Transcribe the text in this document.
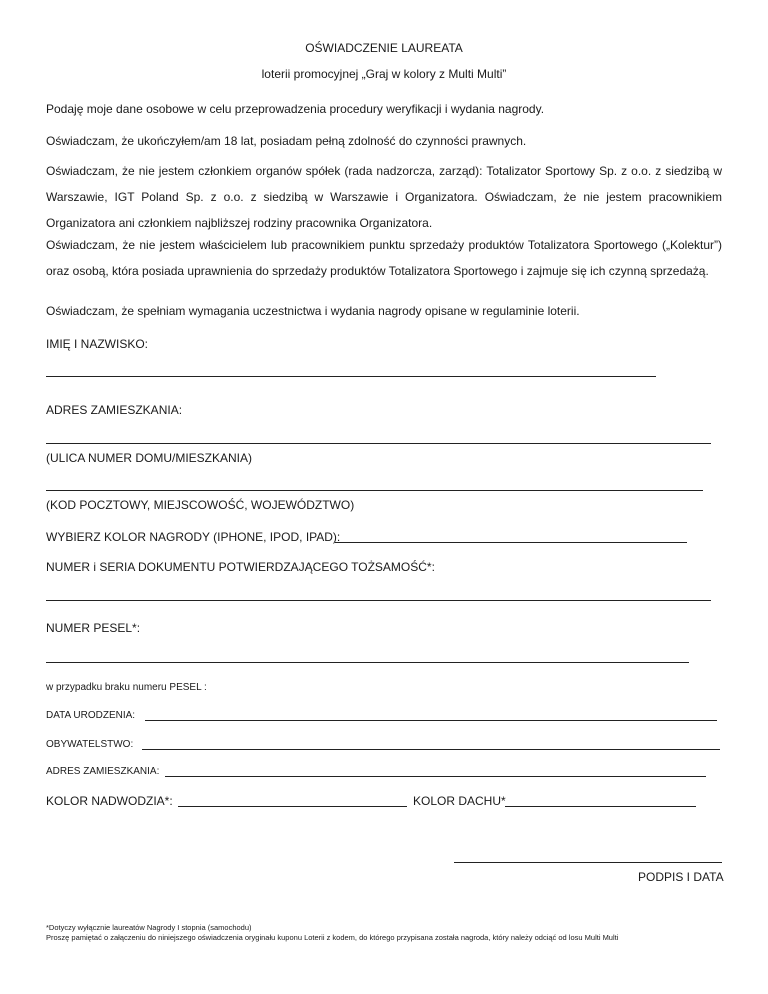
OŚWIADCZENIE LAUREATA
loterii promocyjnej „Graj w kolory z Multi Multi”

Podaję moje dane osobowe w celu przeprowadzenia procedury weryfikacji i wydania nagrody.

Oświadczam, że ukończyłem/am 18 lat, posiadam pełną zdolność do czynności prawnych.

Oświadczam, że nie jestem członkiem organów spółek (rada nadzorcza, zarząd): Totalizator Sportowy Sp. z o.o. z siedzibą w Warszawie, IGT Poland Sp. z o.o. z siedzibą w Warszawie i Organizatora. Oświadczam, że nie jestem pracownikiem Organizatora ani członkiem najbliższej rodziny pracownika Organizatora.

Oświadczam, że nie jestem właścicielem lub pracownikiem punktu sprzedaży produktów Totalizatora Sportowego („Kolektur”) oraz osobą, która posiada uprawnienia do sprzedaży produktów Totalizatora Sportowego i zajmuje się ich czynną sprzedażą.

Oświadczam, że spełniam wymagania uczestnictwa i wydania nagrody opisane w regulaminie loterii.

IMIĘ I NAZWISKO:
ADRES ZAMIESZKANIA:
(ULICA NUMER DOMU/MIESZKANIA)
(KOD POCZTOWY, MIEJSCOWOŚĆ, WOJEWÓDZTWO)
WYBIERZ KOLOR NAGRODY (IPHONE, IPOD, IPAD):
NUMER i SERIA DOKUMENTU POTWIERDZAJĄCEGO TOŻSAMOŚĆ*:
NUMER PESEL*:
w przypadku braku numeru PESEL :
DATA URODZENIA:
OBYWATELSTWO:
ADRES ZAMIESZKANIA:
KOLOR NADWODZIA*:	KOLOR DACHU*
PODPIS I DATA
*Dotyczy wyłącznie laureatów Nagrody I stopnia (samochodu)
Proszę pamiętać o załączeniu do niniejszego oświadczenia oryginału kuponu Loterii z kodem, do którego przypisana została nagroda, który należy odciąć od losu Multi Multi
